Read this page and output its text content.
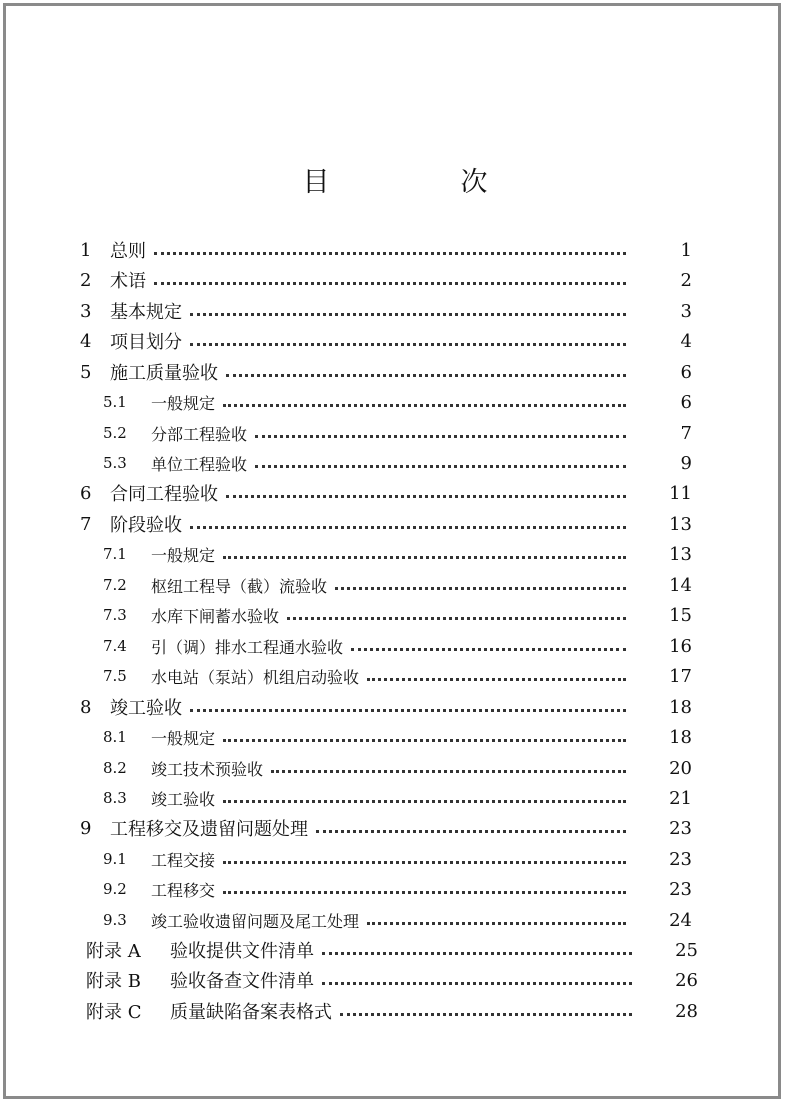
目　次
1	总则	1
2	术语	2
3	基本规定	3
4	项目划分	4
5	施工质量验收	6
5.1	一般规定	6
5.2	分部工程验收	7
5.3	单位工程验收	9
6	合同工程验收	11
7	阶段验收	13
7.1	一般规定	13
7.2	枢纽工程导（截）流验收	14
7.3	水库下闸蓄水验收	15
7.4	引（调）排水工程通水验收	16
7.5	水电站（泵站）机组启动验收	17
8	竣工验收	18
8.1	一般规定	18
8.2	竣工技术预验收	20
8.3	竣工验收	21
9	工程移交及遗留问题处理	23
9.1	工程交接	23
9.2	工程移交	23
9.3	竣工验收遗留问题及尾工处理	24
附录 A	验收提供文件清单	25
附录 B	验收备查文件清单	26
附录 C	质量缺陷备案表格式	28
